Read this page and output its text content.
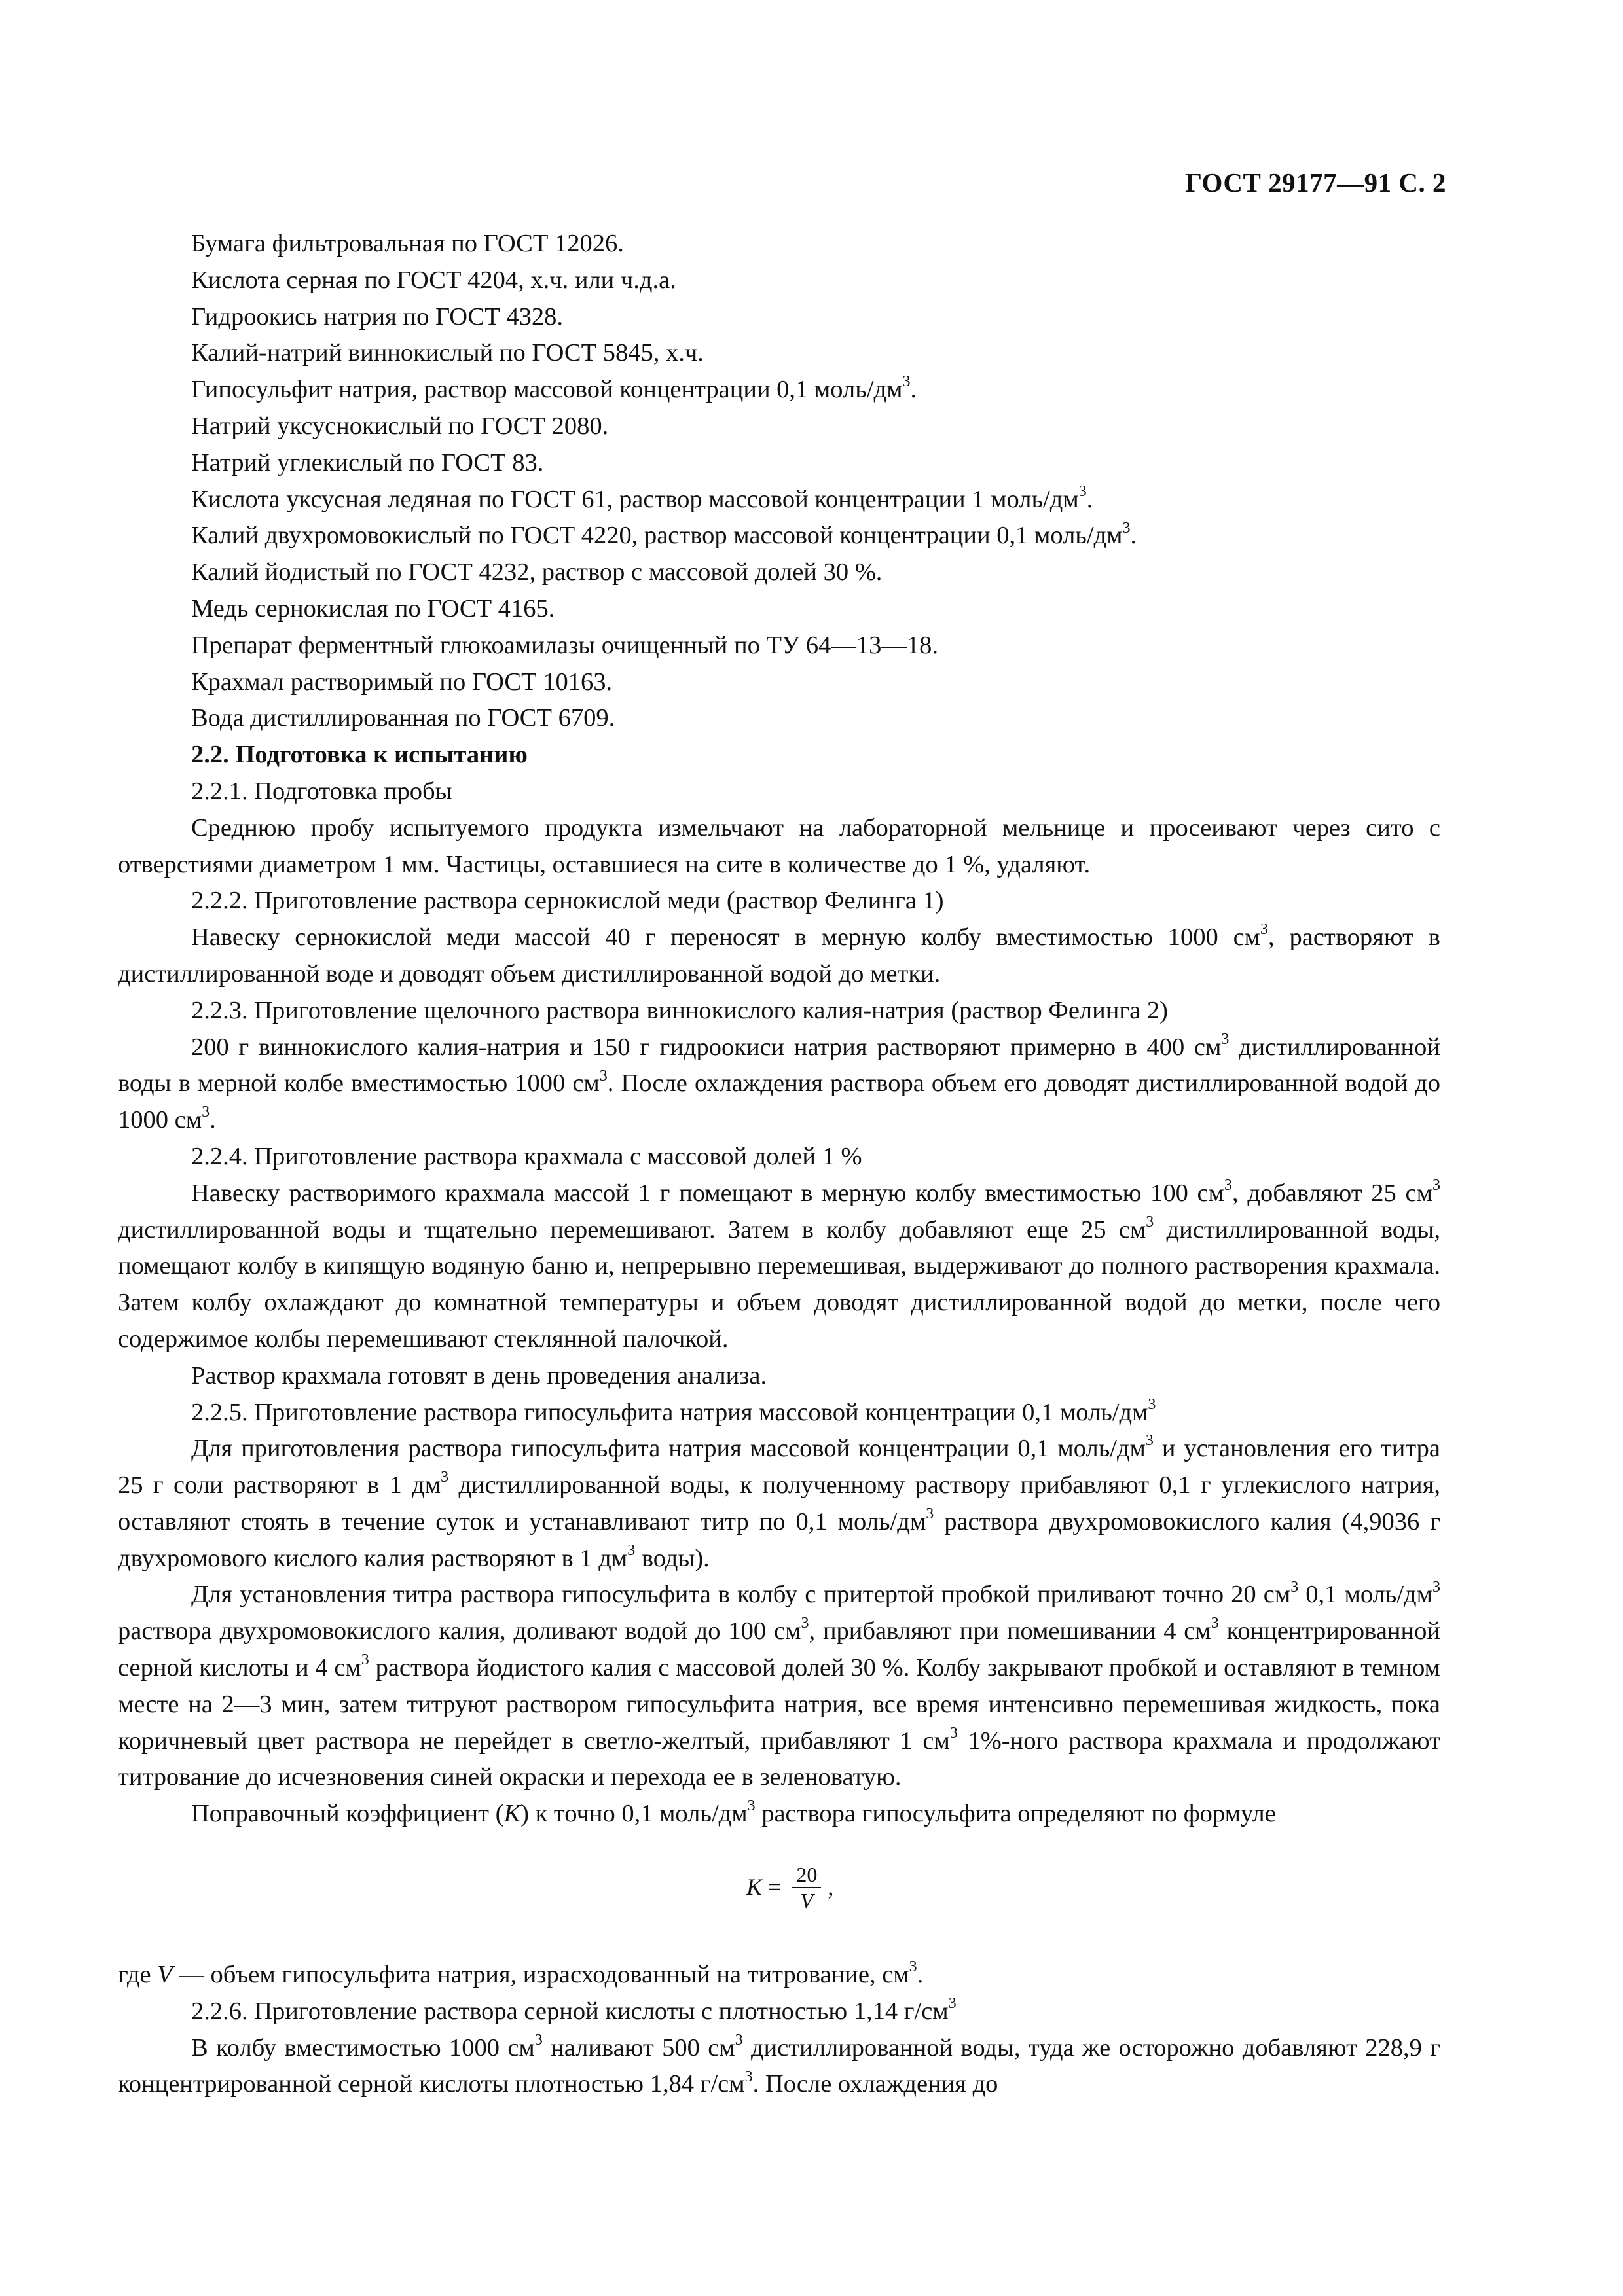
ГОСТ 29177—91 С. 2

Бумага фильтровальная по ГОСТ 12026.

Кислота серная по ГОСТ 4204, х.ч. или ч.д.а.

Гидроокись натрия по ГОСТ 4328.

Калий-натрий виннокислый по ГОСТ 5845, х.ч.

Гипосульфит натрия, раствор массовой концентрации 0,1 моль/$дм^3$.

Натрий уксуснокислый по ГОСТ 2080.

Натрий углекислый по ГОСТ 83.

Кислота уксусная ледяная по ГОСТ 61, раствор массовой концентрации 1 моль/$дм^3$.

Калий двухромовокислый по ГОСТ 4220, раствор массовой концентрации 0,1 моль/$дм^3$.

Калий йодистый по ГОСТ 4232, раствор с массовой долей 30 %.

Медь сернокислая по ГОСТ 4165.

Препарат ферментный глюкоамилазы очищенный по ТУ 64—13—18.

Крахмал растворимый по ГОСТ 10163.

Вода дистиллированная по ГОСТ 6709.

2.2. Подготовка к испытанию

2.2.1. Подготовка пробы

Среднюю пробу испытуемого продукта измельчают на лабораторной мельнице и просеивают через сито с отверстиями диаметром 1 мм. Частицы, оставшиеся на сите в количестве до 1 %, удаляют.

2.2.2. Приготовление раствора сернокислой меди (раствор Фелинга 1)

Навеску сернокислой меди массой 40 г переносят в мерную колбу вместимостью 1000 $см^3$, растворяют в дистиллированной воде и доводят объем дистиллированной водой до метки.

2.2.3. Приготовление щелочного раствора виннокислого калия-натрия (раствор Фелинга 2)

200 г виннокислого калия-натрия и 150 г гидроокиси натрия растворяют примерно в 400 $см^3$ дистиллированной воды в мерной колбе вместимостью 1000 $см^3$. После охлаждения раствора объем его доводят дистиллированной водой до 1000 $см^3$.

2.2.4. Приготовление раствора крахмала с массовой долей 1 %

Навеску растворимого крахмала массой 1 г помещают в мерную колбу вместимостью 100 $см^3$, добавляют 25 $см^3$ дистиллированной воды и тщательно перемешивают. Затем в колбу добавляют еще 25 $см^3$ дистиллированной воды, помещают колбу в кипящую водяную баню и, непрерывно перемешивая, выдерживают до полного растворения крахмала. Затем колбу охлаждают до комнатной температуры и объем доводят дистиллированной водой до метки, после чего содержимое колбы перемешивают стеклянной палочкой.

Раствор крахмала готовят в день проведения анализа.

2.2.5. Приготовление раствора гипосульфита натрия массовой концентрации 0,1 моль/$дм^3$

Для приготовления раствора гипосульфита натрия массовой концентрации 0,1 моль/$дм^3$ и установления его титра 25 г соли растворяют в 1 $дм^3$ дистиллированной воды, к полученному раствору прибавляют 0,1 г углекислого натрия, оставляют стоять в течение суток и устанавливают титр по 0,1 моль/$дм^3$ раствора двухромовокислого калия (4,9036 г двухромового кислого калия растворяют в 1 $дм^3$ воды).

Для установления титра раствора гипосульфита в колбу с притертой пробкой приливают точно 20 $см^3$ 0,1 моль/$дм^3$ раствора двухромовокислого калия, доливают водой до 100 $см^3$, прибавляют при помешивании 4 $см^3$ концентрированной серной кислоты и 4 $см^3$ раствора йодистого калия с массовой долей 30 %. Колбу закрывают пробкой и оставляют в темном месте на 2—3 мин, затем титруют раствором гипосульфита натрия, все время интенсивно перемешивая жидкость, пока коричневый цвет раствора не перейдет в светло-желтый, прибавляют 1 $см^3$ 1%-ного раствора крахмала и продолжают титрование до исчезновения синей окраски и перехода ее в зеленоватую.

Поправочный коэффициент (K) к точно 0,1 моль/$дм^3$ раствора гипосульфита определяют по формуле

$K = \frac{20}{V}$ ,

где V — объем гипосульфита натрия, израсходованный на титрование, $см^3$.

2.2.6. Приготовление раствора серной кислоты с плотностью 1,14 $г/см^3$

В колбу вместимостью 1000 $см^3$ наливают 500 $см^3$ дистиллированной воды, туда же осторожно добавляют 228,9 г концентрированной серной кислоты плотностью 1,84 $г/см^3$. После охлаждения до
